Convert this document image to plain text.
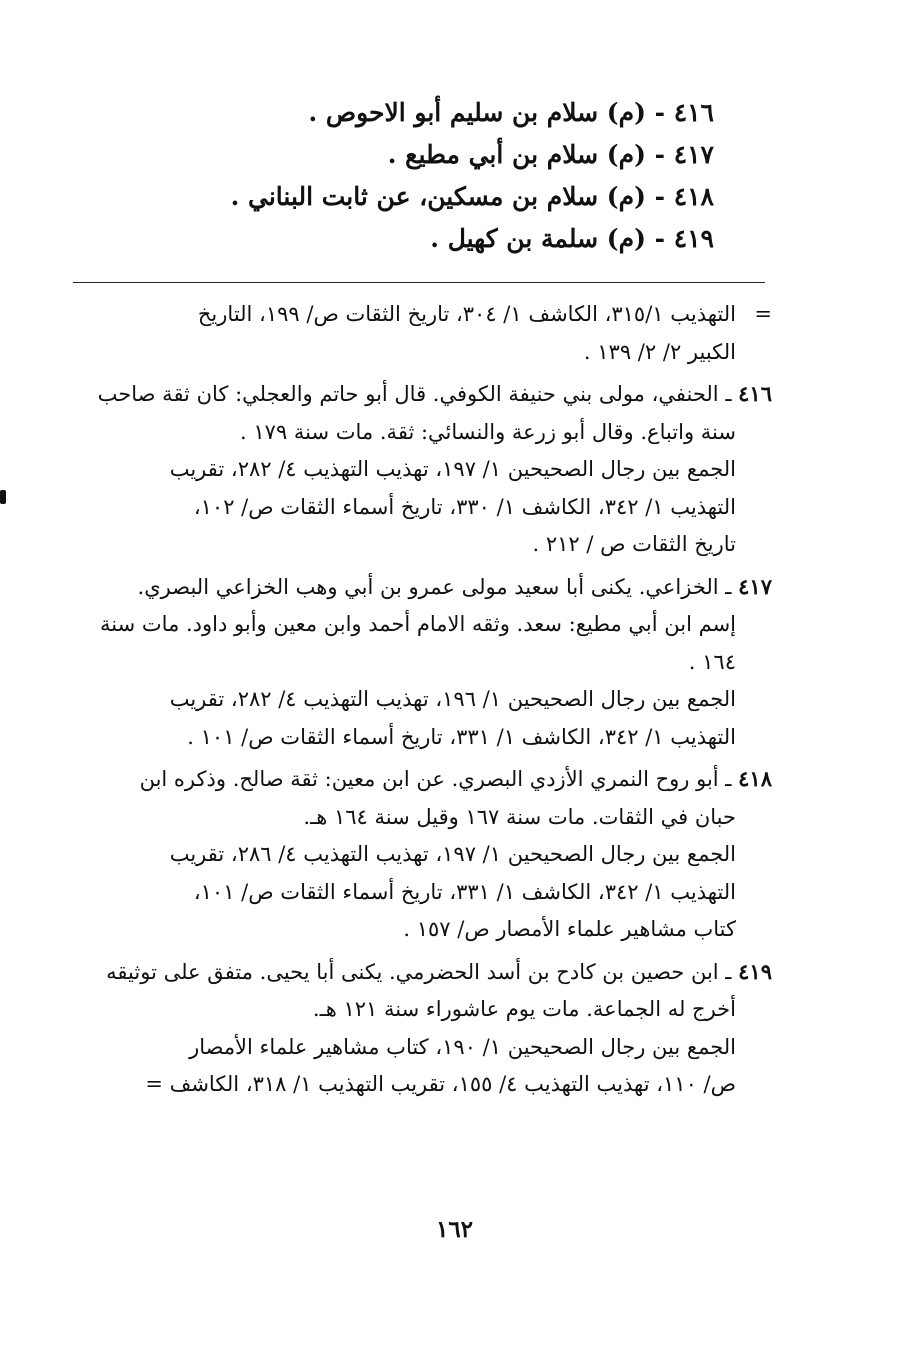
٤١٦ - (م) سلام بن سليم أبو الاحوص .
٤١٧ - (م) سلام بن أبي مطيع .
٤١٨ - (م) سلام بن مسكين، عن ثابت البناني .
٤١٩ - (م) سلمة بن كهيل .
=التهذيب ٣١٥/١، الكاشف ١/ ٣٠٤، تاريخ الثقات ص/ ١٩٩، التاريخ
الكبير ٢/ ٢/ ١٣٩ .
٤١٦ ـ الحنفي، مولى بني حنيفة الكوفي. قال أبو حاتم والعجلي: كان ثقة صاحب
سنة واتباع. وقال أبو زرعة والنسائي: ثقة. مات سنة ١٧٩ .
الجمع بين رجال الصحيحين ١/ ١٩٧، تهذيب التهذيب ٤/ ٢٨٢، تقريب
التهذيب ١/ ٣٤٢، الكاشف ١/ ٣٣٠، تاريخ أسماء الثقات ص/ ١٠٢،
تاريخ الثقات ص / ٢١٢ .
٤١٧ ـ الخزاعي. يكنى أبا سعيد مولى عمرو بن أبي وهب الخزاعي البصري.
إسم ابن أبي مطيع: سعد. وثقه الامام أحمد وابن معين وأبو داود. مات سنة
١٦٤ .
الجمع بين رجال الصحيحين ١/ ١٩٦، تهذيب التهذيب ٤/ ٢٨٢، تقريب
التهذيب ١/ ٣٤٢، الكاشف ١/ ٣٣١، تاريخ أسماء الثقات ص/ ١٠١ .
٤١٨ ـ أبو روح النمري الأزدي البصري. عن ابن معين: ثقة صالح. وذكره ابن
حبان في الثقات. مات سنة ١٦٧ وقيل سنة ١٦٤ هـ.
الجمع بين رجال الصحيحين ١/ ١٩٧، تهذيب التهذيب ٤/ ٢٨٦، تقريب
التهذيب ١/ ٣٤٢، الكاشف ١/ ٣٣١، تاريخ أسماء الثقات ص/ ١٠١،
كتاب مشاهير علماء الأمصار ص/ ١٥٧ .
٤١٩ ـ ابن حصين بن كادح بن أسد الحضرمي. يكنى أبا يحيى. متفق على توثيقه
أخرج له الجماعة. مات يوم عاشوراء سنة ١٢١ هـ.
الجمع بين رجال الصحيحين ١/ ١٩٠، كتاب مشاهير علماء الأمصار
ص/ ١١٠، تهذيب التهذيب ٤/ ١٥٥، تقريب التهذيب ١/ ٣١٨، الكاشف =
١٦٢
